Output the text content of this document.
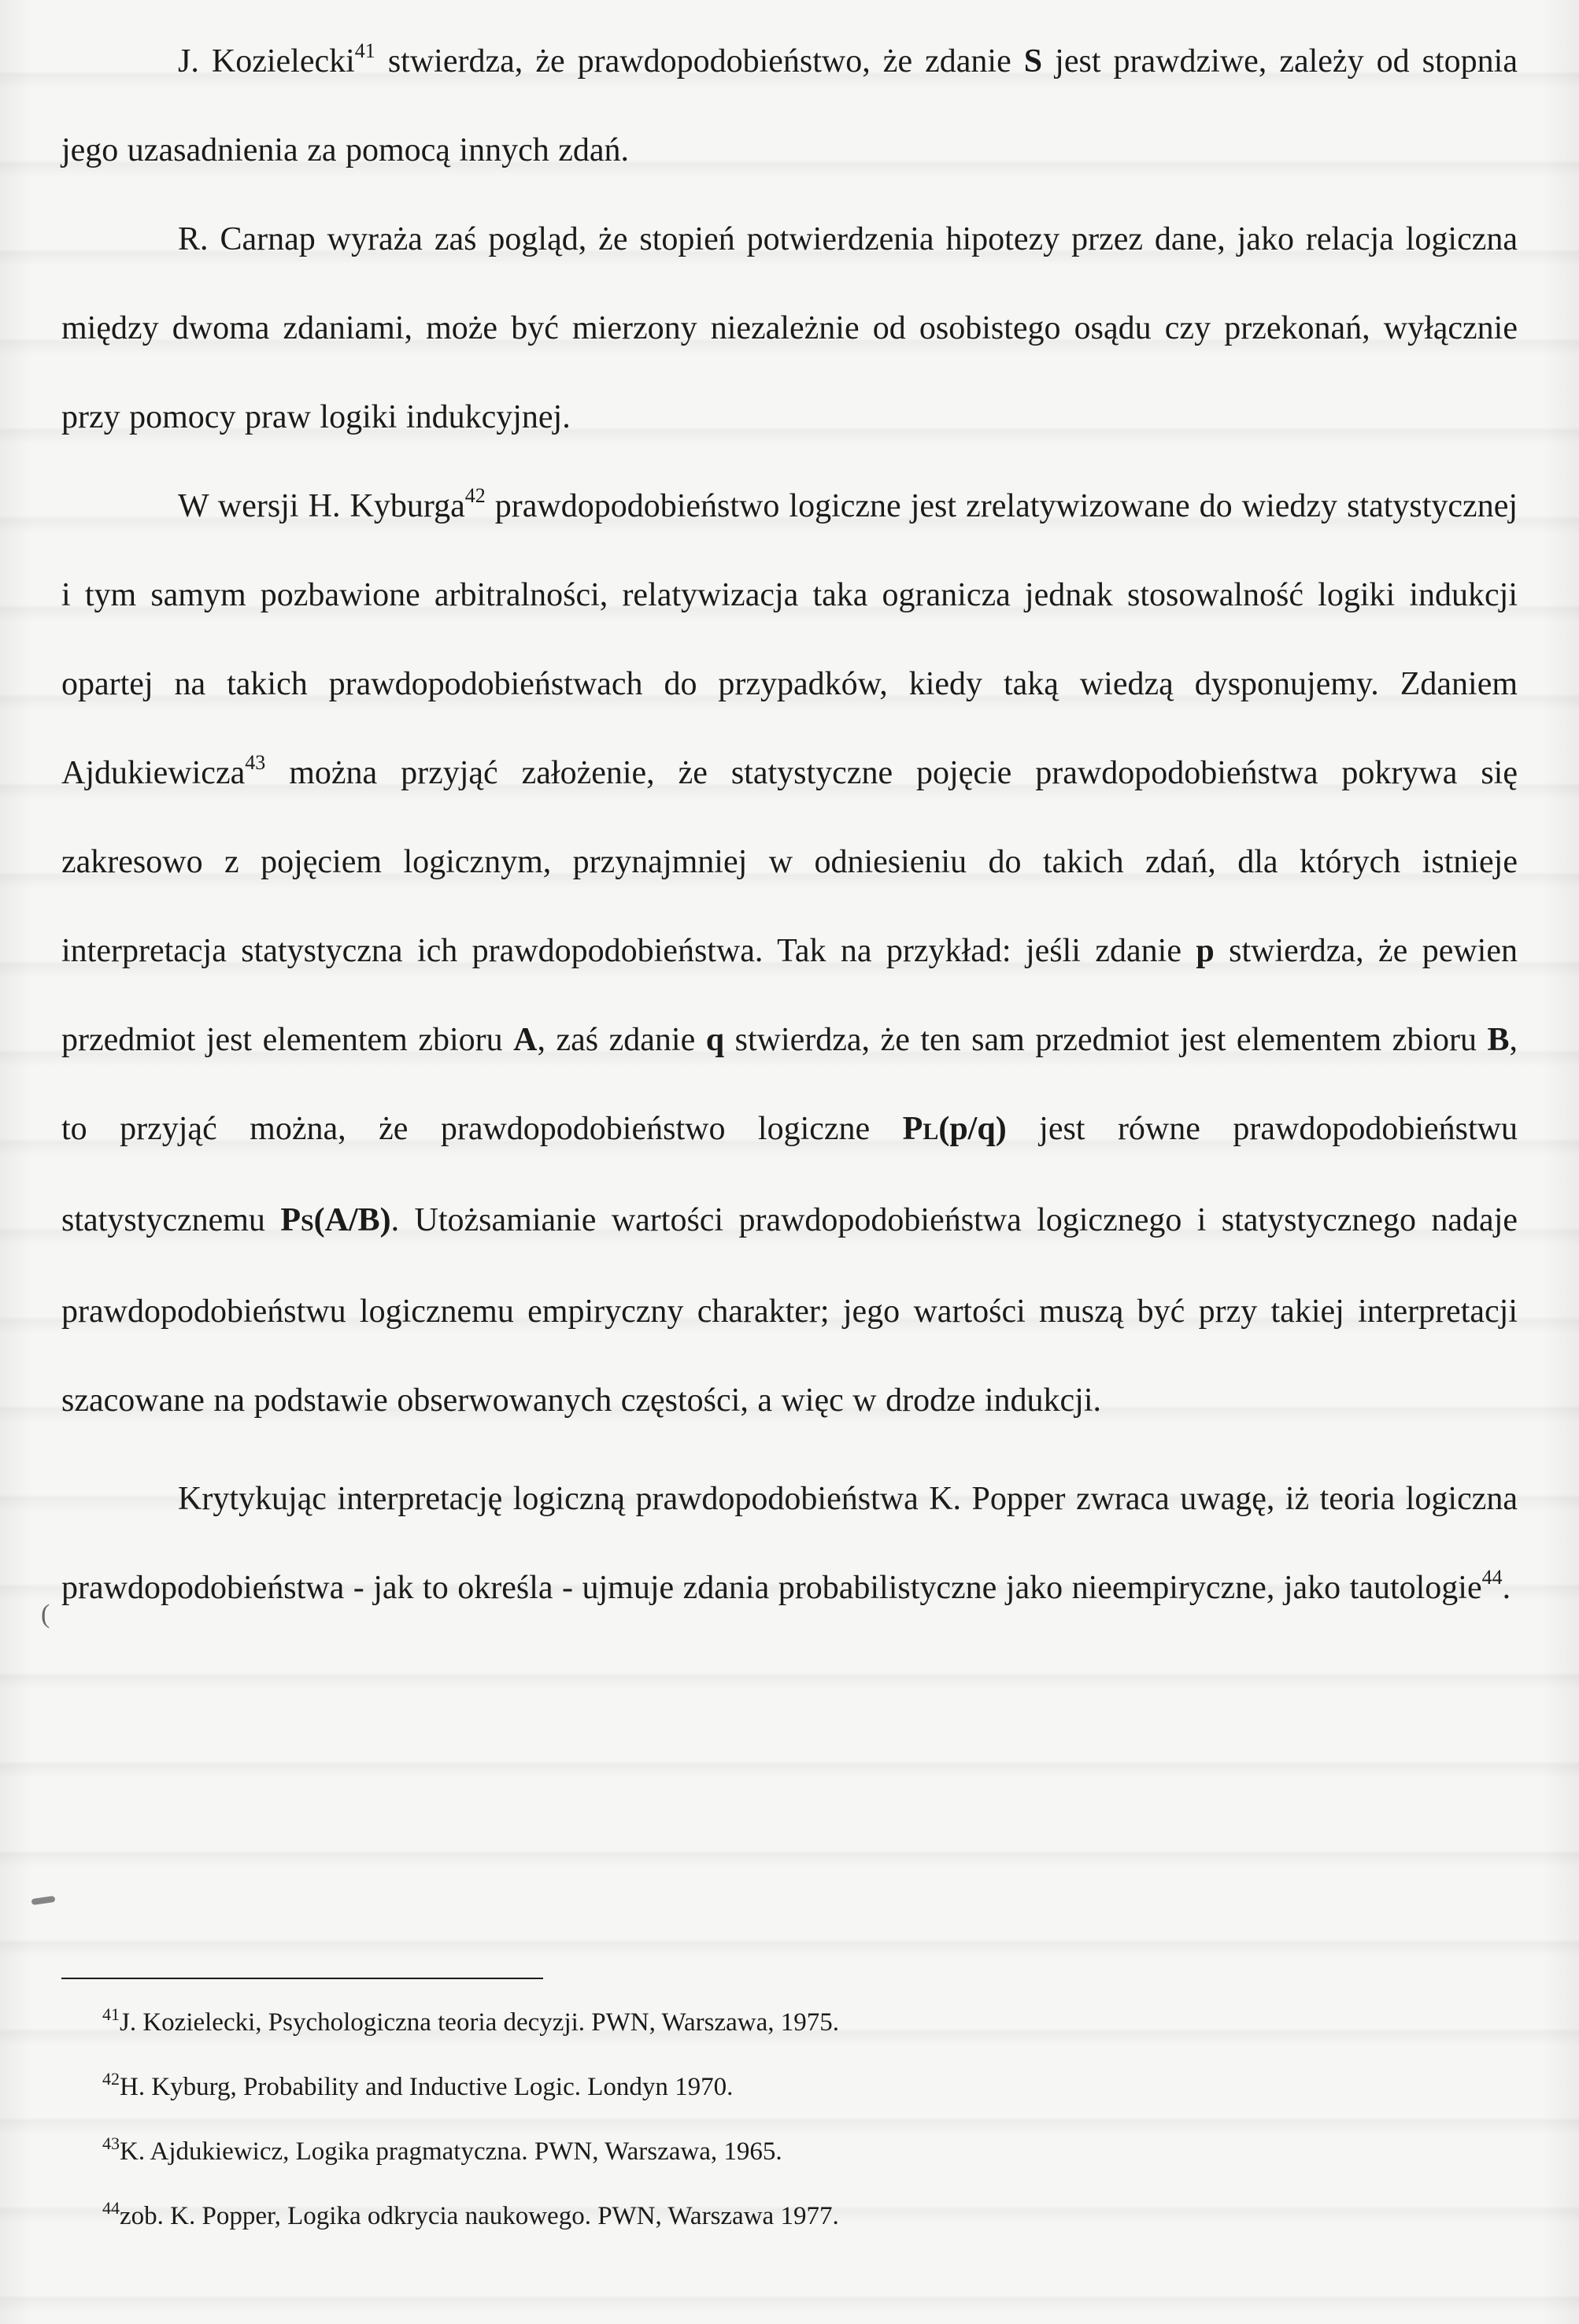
J. Kozielecki$^{41}$ stwierdza, że prawdopodobieństwo, że zdanie S jest prawdziwe, zależy od stopnia jego uzasadnienia za pomocą innych zdań.

R. Carnap wyraża zaś pogląd, że stopień potwierdzenia hipotezy przez dane, jako relacja logiczna między dwoma zdaniami, może być mierzony niezależnie od osobistego osądu czy przekonań, wyłącznie przy pomocy praw logiki indukcyjnej.

W wersji H. Kyburga$^{42}$ prawdopodobieństwo logiczne jest zrelatywizowane do wiedzy statystycznej i tym samym pozbawione arbitralności, relatywizacja taka ogranicza jednak stosowalność logiki indukcji opartej na takich prawdopodobieństwach do przypadków, kiedy taką wiedzą dysponujemy. Zdaniem Ajdukiewicza$^{43}$ można przyjąć założenie, że statystyczne pojęcie prawdopodobieństwa pokrywa się zakresowo z pojęciem logicznym, przynajmniej w odniesieniu do takich zdań, dla których istnieje interpretacja statystyczna ich prawdopodobieństwa. Tak na przykład: jeśli zdanie p stwierdza, że pewien przedmiot jest elementem zbioru A, zaś zdanie q stwierdza, że ten sam przedmiot jest elementem zbioru B, to przyjąć można, że prawdopodobieństwo logiczne PL(p/q) jest równe prawdopodobieństwu statystycznemu PS(A/B). Utożsamianie wartości prawdopodobieństwa logicznego i statystycznego nadaje prawdopodobieństwu logicznemu empiryczny charakter; jego wartości muszą być przy takiej interpretacji szacowane na podstawie obserwowanych częstości, a więc w drodze indukcji.

Krytykując interpretację logiczną prawdopodobieństwa K. Popper zwraca uwagę, iż teoria logiczna prawdopodobieństwa - jak to określa - ujmuje zdania probabilistyczne jako nieempiryczne, jako tautologie$^{44}$.

(
$^{41}$J. Kozielecki, Psychologiczna teoria decyzji. PWN, Warszawa, 1975.
$^{42}$H. Kyburg, Probability and Inductive Logic. Londyn 1970.
$^{43}$K. Ajdukiewicz, Logika pragmatyczna. PWN, Warszawa, 1965.
$^{44}$zob. K. Popper, Logika odkrycia naukowego. PWN, Warszawa 1977.
